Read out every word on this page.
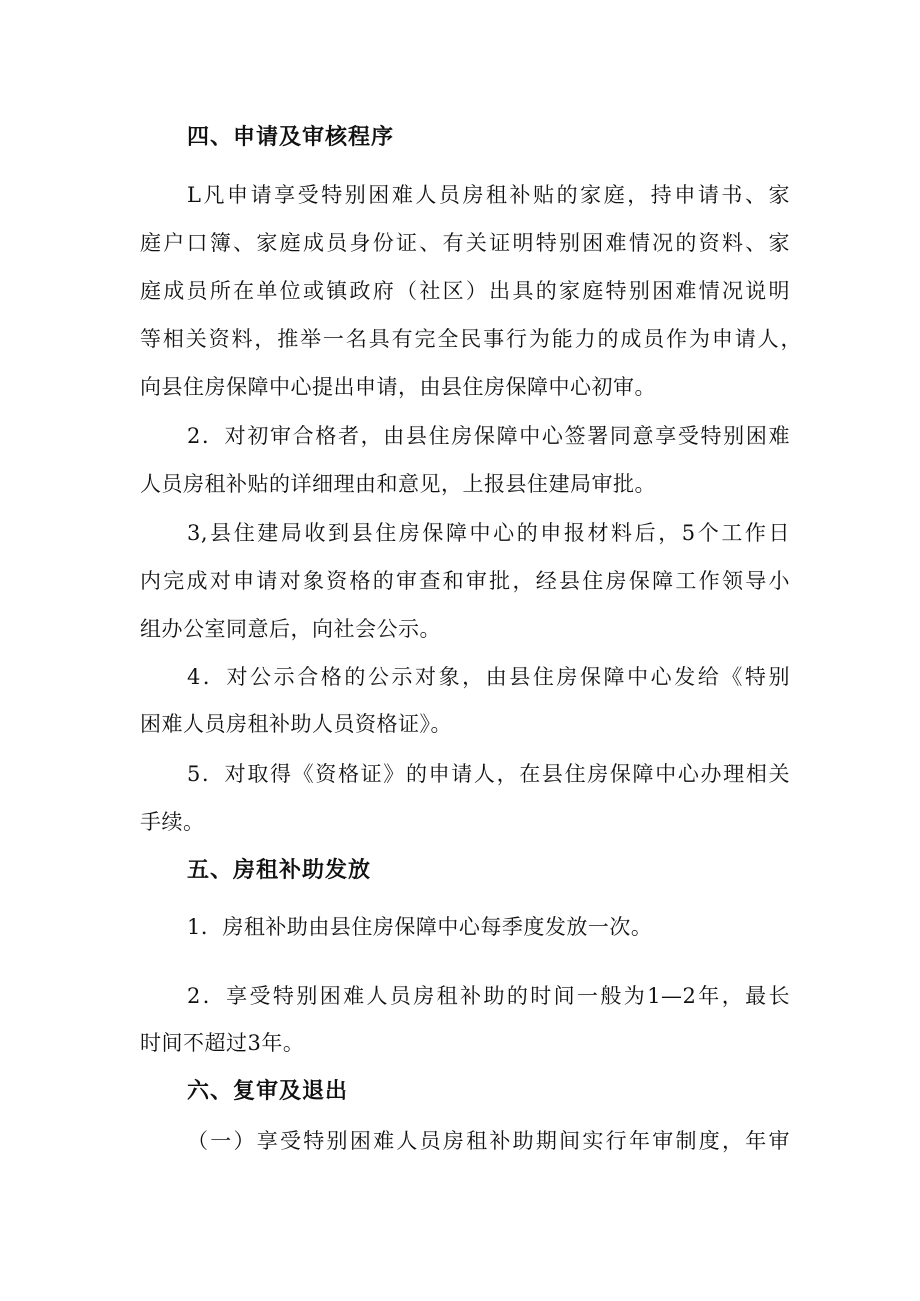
四、申请及审核程序
L凡申请享受特别困难人员房租补贴的家庭，持申请书、家
庭户口簿、家庭成员身份证、有关证明特别困难情况的资料、家
庭成员所在单位或镇政府（社区）出具的家庭特别困难情况说明
等相关资料，推举一名具有完全民事行为能力的成员作为申请人，
向县住房保障中心提出申请，由县住房保障中心初审。
2．对初审合格者，由县住房保障中心签署同意享受特别困难
人员房租补贴的详细理由和意见，上报县住建局审批。
3,县住建局收到县住房保障中心的申报材料后，5个工作日
内完成对申请对象资格的审查和审批，经县住房保障工作领导小
组办公室同意后，向社会公示。
4．对公示合格的公示对象，由县住房保障中心发给《特别
困难人员房租补助人员资格证》。
5．对取得《资格证》的申请人，在县住房保障中心办理相关
手续。
五、房租补助发放
1．房租补助由县住房保障中心每季度发放一次。
2．享受特别困难人员房租补助的时间一般为1—2年，最长
时间不超过3年。
六、复审及退出
（一）享受特别困难人员房租补助期间实行年审制度，年审
